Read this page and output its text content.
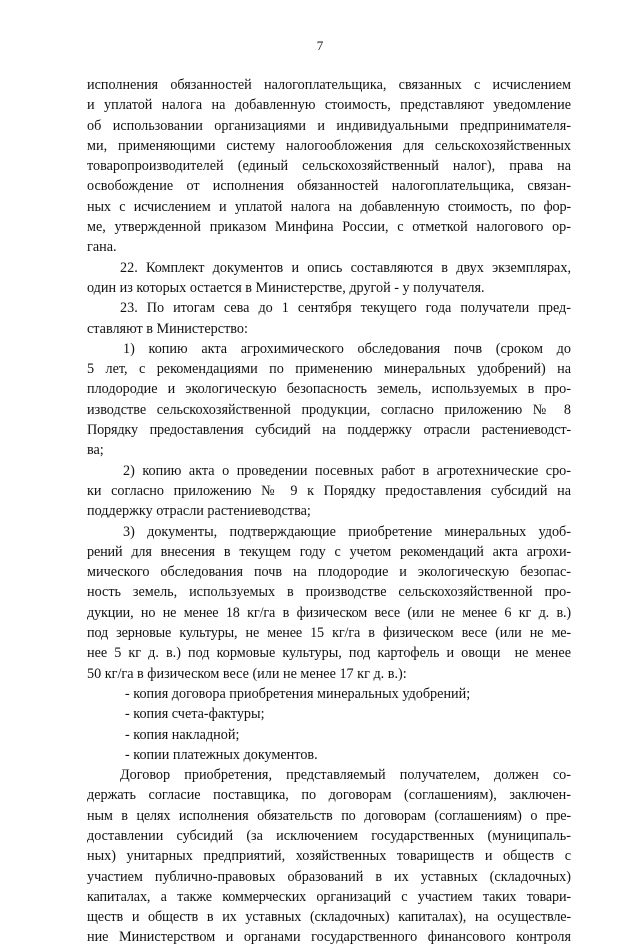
7
исполнения обязанностей налогоплательщика, связанных с исчислением
и уплатой налога на добавленную стоимость, представляют уведомление
об использовании организациями и индивидуальными предпринимателя-
ми, применяющими систему налогообложения для сельскохозяйственных
товаропроизводителей (единый сельскохозяйственный налог), права на
освобождение от исполнения обязанностей налогоплательщика, связан-
ных с исчислением и уплатой налога на добавленную стоимость, по фор-
ме, утвержденной приказом Минфина России, с отметкой налогового ор-
гана.
22. Комплект документов и опись составляются в двух экземплярах,
один из которых остается в Министерстве, другой - у получателя.
23. По итогам сева до 1 сентября текущего года получатели пред-
ставляют в Министерство:
1) копию акта агрохимического обследования почв (сроком до
5 лет, с рекомендациями по применению минеральных удобрений) на
плодородие и экологическую безопасность земель, используемых в про-
изводстве сельскохозяйственной продукции, согласно приложению № 8
Порядку предоставления субсидий на поддержку отрасли растениеводст-
ва;
2) копию акта о проведении посевных работ в агротехнические сро-
ки согласно приложению № 9 к Порядку предоставления субсидий на
поддержку отрасли растениеводства;
3) документы, подтверждающие приобретение минеральных удоб-
рений для внесения в текущем году с учетом рекомендаций акта агрохи-
мического обследования почв на плодородие и экологическую безопас-
ность земель, используемых в производстве сельскохозяйственной про-
дукции, но не менее 18 кг/га в физическом весе (или не менее 6 кг д. в.)
под зерновые культуры, не менее 15 кг/га в физическом весе (или не ме-
нее 5 кг д. в.) под кормовые культуры, под картофель и овощи  не менее
50 кг/га в физическом весе (или не менее 17 кг д. в.):
- копия договора приобретения минеральных удобрений;
- копия счета-фактуры;
- копия накладной;
- копии платежных документов.
Договор приобретения, представляемый получателем, должен со-
держать согласие поставщика, по договорам (соглашениям), заключен-
ным в целях исполнения обязательств по договорам (соглашениям) о пре-
доставлении субсидий (за исключением государственных (муниципаль-
ных) унитарных предприятий, хозяйственных товариществ и обществ с
участием публично-правовых образований в их уставных (складочных)
капиталах, а также коммерческих организаций с участием таких товари-
ществ и обществ в их уставных (складочных) капиталах), на осуществле-
ние Министерством и органами государственного финансового контроля
